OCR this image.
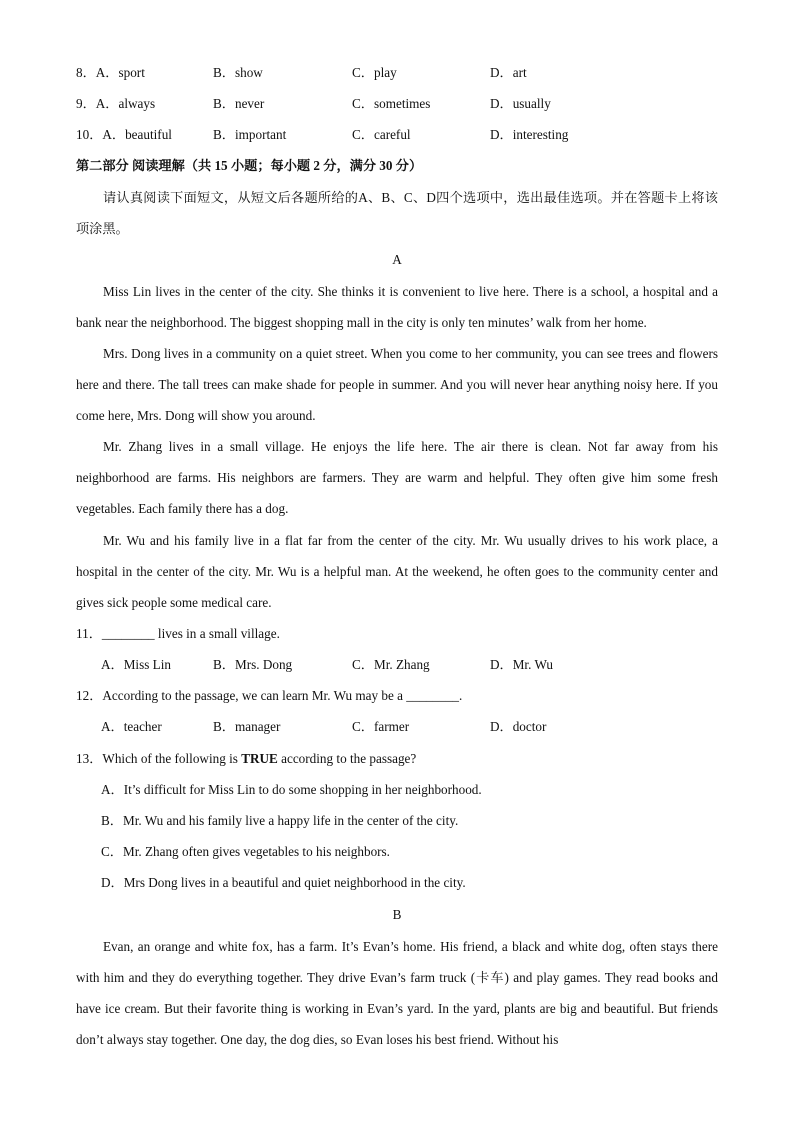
8．A．sport	B．show	C．play	D．art
9．A．always	B．never	C．sometimes	D．usually
10．A．beautiful	B．important	C．careful	D．interesting
第二部分 阅读理解（共 15 小题；每小题 2 分，满分 30 分）

请认真阅读下面短文，从短文后各题所给的A、B、C、D四个选项中，选出最佳选项。并在答题卡上将该项涂黑。

A

Miss Lin lives in the center of the city. She thinks it is convenient to live here. There is a school, a hospital and a bank near the neighborhood. The biggest shopping mall in the city is only ten minutes’ walk from her home.

Mrs. Dong lives in a community on a quiet street. When you come to her community, you can see trees and flowers here and there. The tall trees can make shade for people in summer. And you will never hear anything noisy here. If you come here, Mrs. Dong will show you around.

Mr. Zhang lives in a small village. He enjoys the life here. The air there is clean. Not far away from his neighborhood are farms. His neighbors are farmers. They are warm and helpful. They often give him some fresh vegetables. Each family there has a dog.

Mr. Wu and his family live in a flat far from the center of the city. Mr. Wu usually drives to his work place, a hospital in the center of the city. Mr. Wu is a helpful man. At the weekend, he often goes to the community center and gives sick people some medical care.

11．________ lives in a small village.
A．Miss Lin	B．Mrs. Dong	C．Mr. Zhang	D．Mr. Wu
12．According to the passage, we can learn Mr. Wu may be a ________.
A．teacher	B．manager	C．farmer	D．doctor
13．Which of the following is TRUE according to the passage?
A．It’s difficult for Miss Lin to do some shopping in her neighborhood.
B．Mr. Wu and his family live a happy life in the center of the city.
C．Mr. Zhang often gives vegetables to his neighbors.
D．Mrs Dong lives in a beautiful and quiet neighborhood in the city.
B

Evan, an orange and white fox, has a farm. It’s Evan’s home. His friend, a black and white dog, often stays there with him and they do everything together. They drive Evan’s farm truck (卡车) and play games. They read books and have ice cream. But their favorite thing is working in Evan’s yard. In the yard, plants are big and beautiful. But friends don’t always stay together. One day, the dog dies, so Evan loses his best friend. Without his
